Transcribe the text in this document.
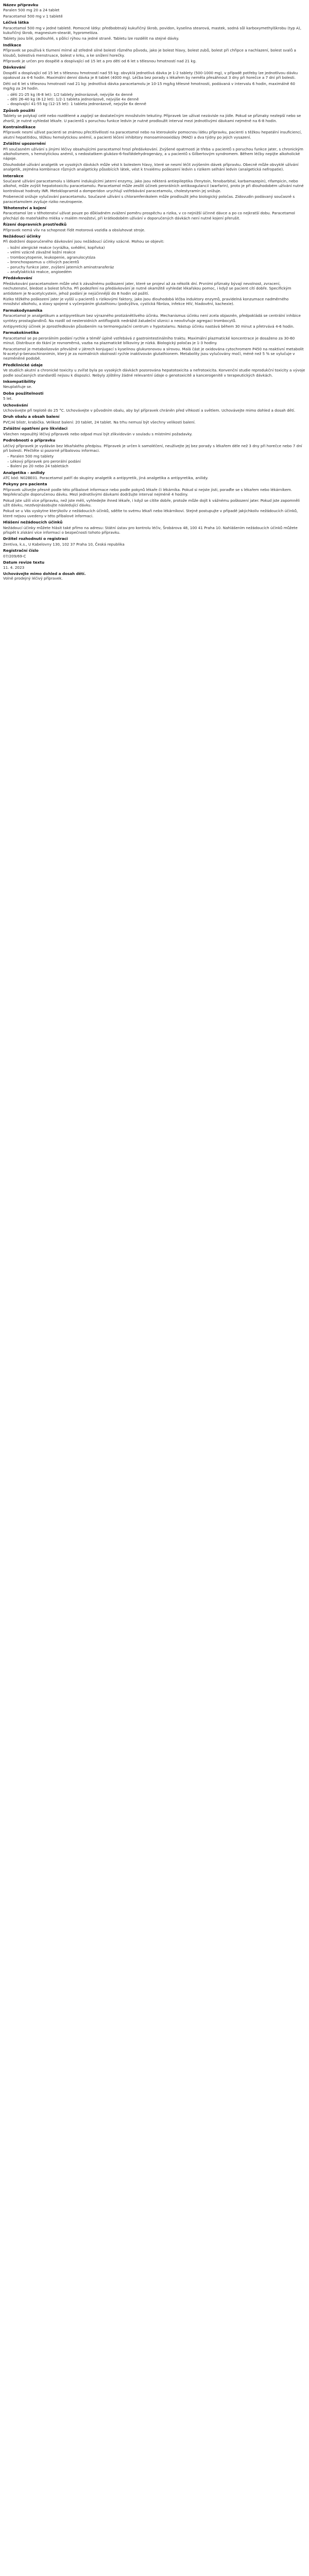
Název přípravku
Paralen 500 mg 20 a 24 tablet
Paracetamol 500 mg v 1 tabletě
Léčivá látka
Paracetamol 500 mg v jedné tabletě. Pomocné látky: předbobtnalý kukuřičný škrob, povidon, kyselina stearová, mastek, sodná sůl karboxymethylškrobu (typ A), kukuřičný škrob, magnesium-stearát, hypromelóza.
Tablety jsou bílé, podlouhlé, s půlicí rýhou na jedné straně. Tabletu lze rozdělit na stejné dávky.
Indikace
Přípravek se používá k tlumení mírné až středně silné bolesti různého původu, jako je bolest hlavy, bolest zubů, bolest při chřipce a nachlazení, bolest svalů a kloubů, bolestivá menstruace, bolest v krku, a ke snížení horečky.
Přípravek je určen pro dospělé a dospívající od 15 let a pro děti od 6 let s tělesnou hmotností nad 21 kg.
Dávkování
Dospělí a dospívající od 15 let s tělesnou hmotností nad 55 kg: obvyklá jednotlivá dávka je 1-2 tablety (500-1000 mg), v případě potřeby lze jednotlivou dávku opakovat za 4-6 hodin. Maximální denní dávka je 8 tablet (4000 mg). Léčba bez porady s lékařem by neměla přesáhnout 3 dny při horečce a 7 dní při bolesti.
Děti od 6 let s tělesnou hmotností nad 21 kg: jednotlivá dávka paracetamolu je 10-15 mg/kg tělesné hmotnosti, podávaná v intervalu 6 hodin, maximálně 60 mg/kg za 24 hodin.
– děti 21-25 kg (6-8 let): 1/2 tablety jednorázově, nejvýše 4x denně
– děti 26-40 kg (8-12 let): 1/2-1 tableta jednorázově, nejvýše 4x denně
– dospívající 41-55 kg (12-15 let): 1 tableta jednorázově, nejvýše 6x denně
Způsob použití
Tablety se polykají celé nebo rozdělené a zapíjejí se dostatečným množstvím tekutiny. Přípravek lze užívat nezávisle na jídle. Pokud se příznaky nezlepší nebo se zhorší, je nutné vyhledat lékaře. U pacientů s poruchou funkce ledvin je nutné prodloužit interval mezi jednotlivými dávkami nejméně na 6-8 hodin.
Kontraindikace
Přípravek nesmí užívat pacienti se známou přecitlivělostí na paracetamol nebo na kteroukoliv pomocnou látku přípravku, pacienti s těžkou hepatální insuficiencí, akutní hepatitidou, těžkou hemolytickou anémií, a pacienti léčení inhibitory monoaminooxidázy (MAO) a dva týdny po jejich vysazení.
Zvláštní upozornění
Při současném užívání s jinými léčivy obsahujícími paracetamol hrozí předávkování. Zvýšené opatrnosti je třeba u pacientů s poruchou funkce jater, s chronickým alkoholismem, s hemolytickou anémií, s nedostatkem glukózo-6-fosfátdehydrogenázy, a u pacientů s Gilbertovým syndromem. Během léčby nepijte alkoholické nápoje.
Dlouhodobé užívání analgetik ve vysokých dávkách může vést k bolestem hlavy, které se nesmí léčit zvýšením dávek přípravku. Obecně může obvyklé užívání analgetik, zejména kombinace různých analgeticky působících látek, vést k trvalému poškození ledvin s rizikem selhání ledvin (analgetická nefropatie).
Interakce
Současné užívání paracetamolu s látkami indukujícími jaterní enzymy, jako jsou některá antiepileptika (fenytoin, fenobarbital, karbamazepin), rifampicin, nebo alkohol, může zvýšit hepatotoxicitu paracetamolu. Paracetamol může zesílit účinek perorálních antikoagulancií (warfarin), proto je při dlouhodobém užívání nutné kontrolovat hodnoty INR. Metoklopramid a domperidon urychlují vstřebávání paracetamolu, cholestyramin jej snižuje.
Probenecid snižuje vylučování paracetamolu. Současné užívání s chloramfenikolem může prodloužit jeho biologický poločas. Zidovudin podávaný současně s paracetamolem zvyšuje riziko neutropenie.
Těhotenství a kojení
Paracetamol lze v těhotenství užívat pouze po důkladném zvážení poměru prospěchu a rizika, v co nejnižší účinné dávce a po co nejkratší dobu. Paracetamol přechází do mateřského mléka v malém množství, při krátkodobém užívání v doporučených dávkách není nutné kojení přerušit.
Řízení dopravních prostředků
Přípravek nemá vliv na schopnost řídit motorová vozidla a obsluhovat stroje.
Nežádoucí účinky
Při dodržení doporučeného dávkování jsou nežádoucí účinky vzácné. Mohou se objevit:
– kožní alergické reakce (vyrážka, svědění, kopřivka)
– velmi vzácně závažné kožní reakce
– trombocytopenie, leukopenie, agranulocytóza
– bronchospasmus u citlivých pacientů
– poruchy funkce jater, zvýšení jaterních aminotransferáz
– anafylaktická reakce, angioedém
Předávkování
Předávkování paracetamolem může vést k závažnému poškození jater, které se projeví až za několik dní. Prvními příznaky bývají nevolnost, zvracení, nechutenství, bledost a bolest břicha. Při podezření na předávkování je nutné okamžitě vyhledat lékařskou pomoc, i když se pacient cítí dobře. Specifickým antidotem je N-acetylcystein, jehož podání je nejúčinnější do 8 hodin od požití.
Riziko těžkého poškození jater je vyšší u pacientů s rizikovými faktory, jako jsou dlouhodobá léčba induktory enzymů, pravidelná konzumace nadměrného množství alkoholu, a stavy spojené s vyčerpáním glutathionu (podvýživa, cystická fibróza, infekce HIV, hladovění, kachexie).
Farmakodynamika
Paracetamol je analgetikum a antipyretikum bez výrazného protizánětlivého účinku. Mechanismus účinku není zcela objasněn, předpokládá se centrální inhibice syntézy prostaglandinů. Na rozdíl od nesteroidních antiflogistik nedráždí žaludeční sliznici a neovlivňuje agregaci trombocytů.
Antipyretický účinek je zprostředkován působením na termoregulační centrum v hypotalamu. Nástup účinku nastává během 30 minut a přetrvává 4-6 hodin.
Farmakokinetika
Paracetamol se po perorálním podání rychle a téměř úplně vstřebává z gastrointestinálního traktu. Maximální plazmatické koncentrace je dosaženo za 30-60 minut. Distribuce do tkání je rovnoměrná, vazba na plazmatické bílkoviny je nízká. Biologický poločas je 1-3 hodiny.
Paracetamol je metabolizován převážně v játrech konjugací s kyselinou glukuronovou a sírovou. Malá část je oxidována cytochromem P450 na reaktivní metabolit N-acetyl-p-benzochinonimin, který je za normálních okolností rychle inaktivován glutathionem. Metabolity jsou vylučovány močí, méně než 5 % se vylučuje v nezměněné podobě.
Předklinické údaje
Ve studiích akutní a chronické toxicity u zvířat byla po vysokých dávkách pozorována hepatotoxicita a nefrotoxicita. Konvenční studie reprodukční toxicity a vývoje podle současných standardů nejsou k dispozici. Nebyly zjištěny žádné relevantní údaje o genotoxicitě a kancerogenitě v terapeutických dávkách.
Inkompatibility
Neuplatňuje se.
Doba použitelnosti
5 let.
Uchovávání
Uchovávejte při teplotě do 25 °C. Uchovávejte v původním obalu, aby byl přípravek chráněn před vlhkostí a světlem. Uchovávejte mimo dohled a dosah dětí.
Druh obalu a obsah balení
PVC/Al blistr, krabička. Velikost balení: 20 tablet, 24 tablet. Na trhu nemusí být všechny velikosti balení.
Zvláštní opatření pro likvidaci
Všechen nepoužitý léčivý přípravek nebo odpad musí být zlikvidován v souladu s místními požadavky.
Podrobnosti o přípravku
Léčivý přípravek je vydáván bez lékařského předpisu. Přípravek je určen k samoléčení, neužívejte jej bez porady s lékařem déle než 3 dny při horečce nebo 7 dní při bolesti. Přečtěte si pozorně příbalovou informaci.
– Paralen 500 mg tablety
– Lékový přípravek pro perorální podání
– Balení po 20 nebo 24 tabletách
Analgetika - anilidy
ATC kód: N02BE01. Paracetamol patří do skupiny analgetik a antipyretik, jiná analgetika a antipyretika, anilidy.
Pokyny pro pacienta
Přípravek užívejte přesně podle této příbalové informace nebo podle pokynů lékaře či lékárníka. Pokud si nejste jisti, poraďte se s lékařem nebo lékárníkem. Nepřekračujte doporučenou dávku. Mezi jednotlivými dávkami dodržujte interval nejméně 4 hodiny.
Pokud jste užili více přípravku, než jste měli, vyhledejte ihned lékaře, i když se cítíte dobře, protože může dojít k vážnému poškození jater. Pokud jste zapomněli užít dávku, nezdvojnásobujte následující dávku.
Pokud se u Vás vyskytne kterýkoliv z nežádoucích účinků, sdělte to svému lékaři nebo lékárníkovi. Stejně postupujte v případě jakýchkoliv nežádoucích účinků, které nejsou uvedeny v této příbalové informaci.
Hlášení nežádoucích účinků
Nežádoucí účinky můžete hlásit také přímo na adresu: Státní ústav pro kontrolu léčiv, Šrobárova 48, 100 41 Praha 10. Nahlášením nežádoucích účinků můžete přispět k získání více informací o bezpečnosti tohoto přípravku.
Držitel rozhodnutí o registraci
Zentiva, k.s., U Kabelovny 130, 102 37 Praha 10, Česká republika
Registrační číslo
07/209/69-C
Datum revize textu
11. 4. 2023
Uchovávejte mimo dohled a dosah dětí.
Volně prodejný léčivý přípravek.
